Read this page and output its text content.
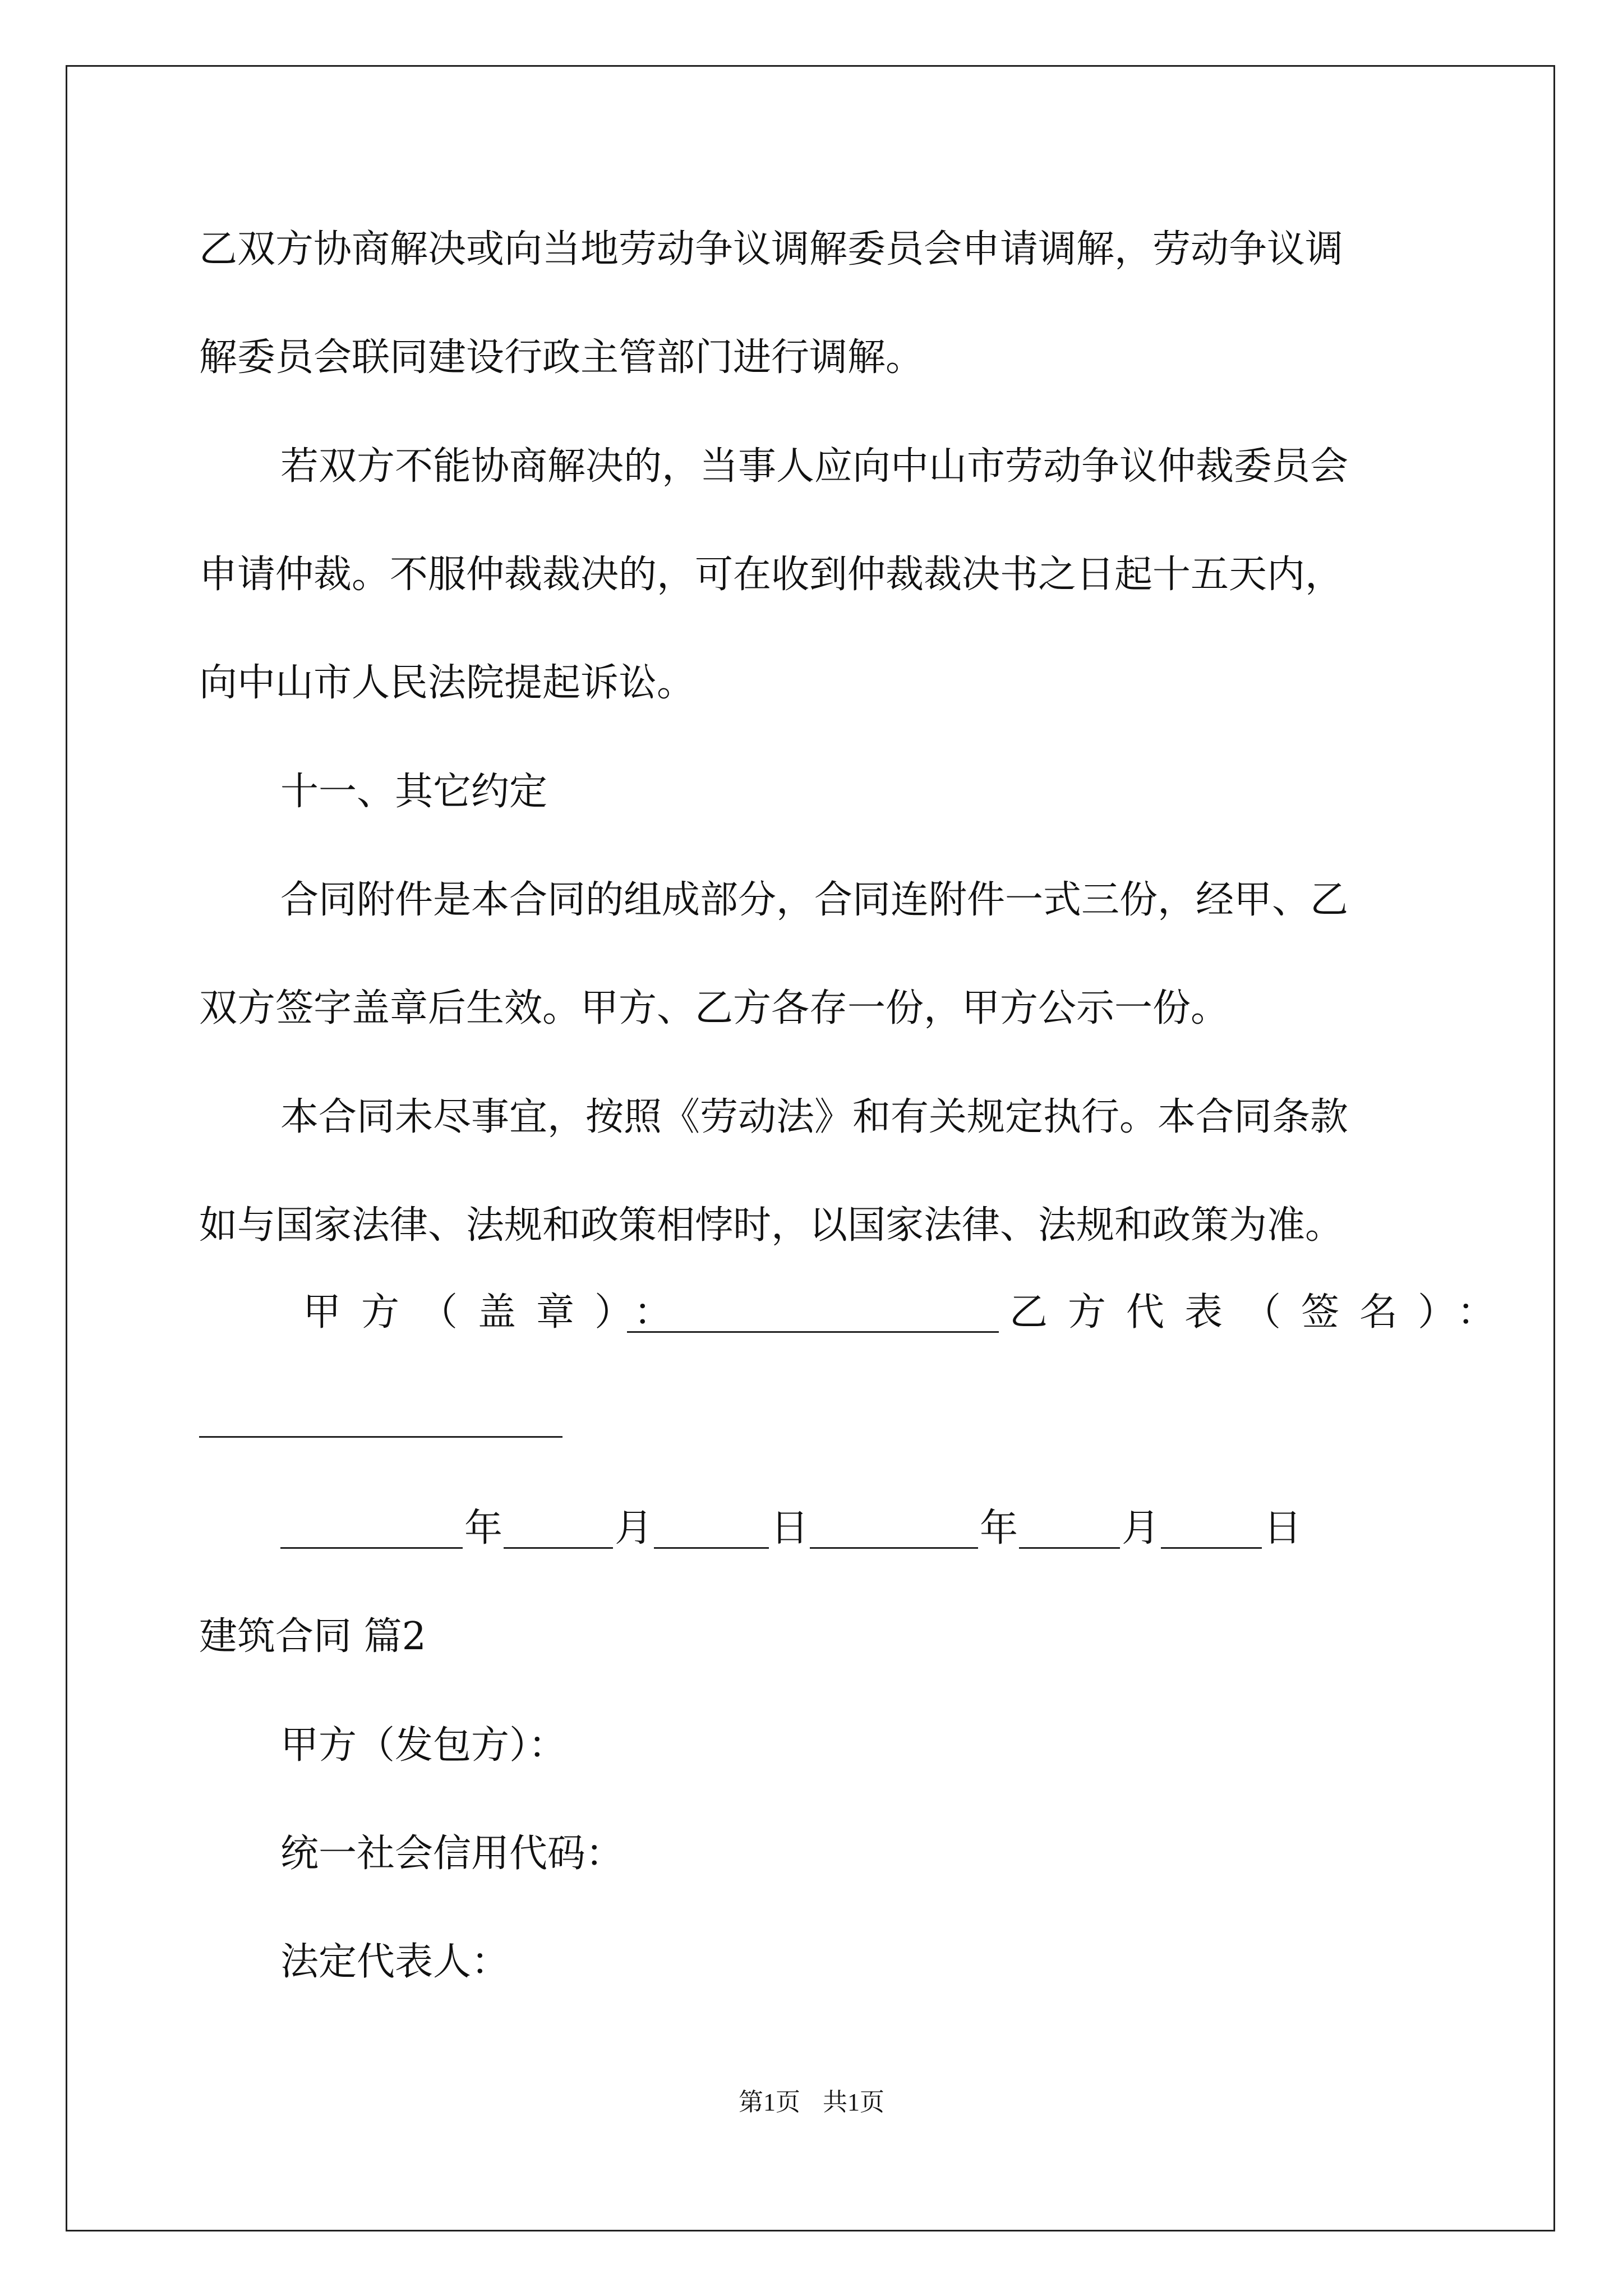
乙双方协商解决或向当地劳动争议调解委员会申请调解，劳动争议调
解委员会联同建设行政主管部门进行调解。
若双方不能协商解决的，当事人应向中山市劳动争议仲裁委员会
申请仲裁。不服仲裁裁决的，可在收到仲裁裁决书之日起十五天内，
向中山市人民法院提起诉讼。
十一、其它约定
合同附件是本合同的组成部分，合同连附件一式三份，经甲、乙
双方签字盖章后生效。甲方、乙方各存一份，甲方公示一份。
本合同未尽事宜，按照《劳动法》和有关规定执行。本合同条款
如与国家法律、法规和政策相悖时，以国家法律、法规和政策为准。
甲方（盖章）：	乙方代表（签名）：
年	月	日	年	月	日
建筑合同 篇2
甲方（发包方）：
统一社会信用代码：
法定代表人：
第1页 共1页
